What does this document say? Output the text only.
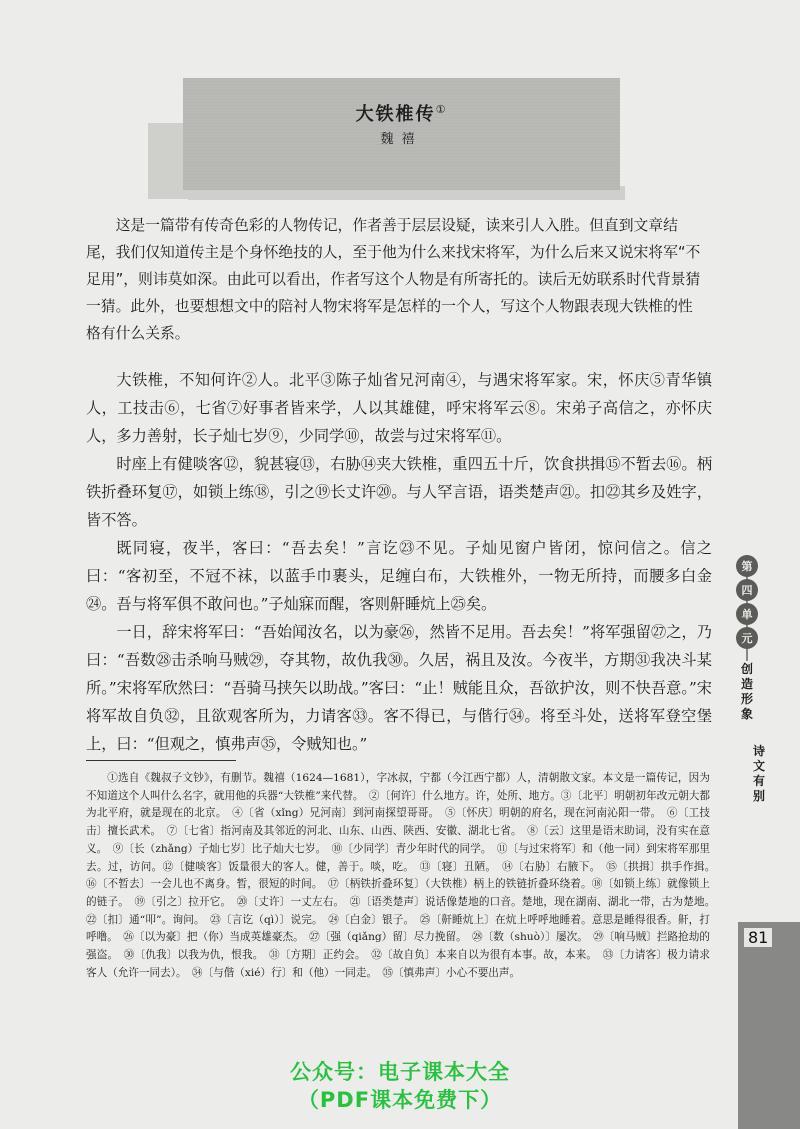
大铁椎传①
魏禧

这是一篇带有传奇色彩的人物传记，作者善于层层设疑，读来引人入胜。但直到文章结尾，我们仅知道传主是个身怀绝技的人，至于他为什么来找宋将军，为什么后来又说宋将军“不足用”，则讳莫如深。由此可以看出，作者写这个人物是有所寄托的。读后无妨联系时代背景猜一猜。此外，也要想想文中的陪衬人物宋将军是怎样的一个人，写这个人物跟表现大铁椎的性格有什么关系。

大铁椎，不知何许②人。北平③陈子灿省兄河南④，与遇宋将军家。宋，怀庆⑤青华镇人，工技击⑥，七省⑦好事者皆来学，人以其雄健，呼宋将军云⑧。宋弟子高信之，亦怀庆人，多力善射，长子灿七岁⑨，少同学⑩，故尝与过宋将军⑪。

时座上有健啖客⑫，貌甚寝⑬，右胁⑭夹大铁椎，重四五十斤，饮食拱揖⑮不暂去⑯。柄铁折叠环复⑰，如锁上练⑱，引之⑲长丈许⑳。与人罕言语，语类楚声㉑。扣㉒其乡及姓字，皆不答。

既同寝，夜半，客曰：“吾去矣！”言讫㉓不见。子灿见窗户皆闭，惊问信之。信之曰：“客初至，不冠不袜，以蓝手巾裹头，足缠白布，大铁椎外，一物无所持，而腰多白金㉔。吾与将军俱不敢问也。”子灿寐而醒，客则鼾睡炕上㉕矣。

一日，辞宋将军曰：“吾始闻汝名，以为豪㉖，然皆不足用。吾去矣！”将军强留㉗之，乃曰：“吾数㉘击杀响马贼㉙，夺其物，故仇我㉚。久居，祸且及汝。今夜半，方期㉛我决斗某所。”宋将军欣然曰：“吾骑马挟矢以助战。”客曰：“止！贼能且众，吾欲护汝，则不快吾意。”宋将军故自负㉜，且欲观客所为，力请客㉝。客不得已，与偕行㉞。将至斗处，送将军登空堡上，曰：“但观之，慎弗声㉟，令贼知也。”

①选自《魏叔子文钞》，有删节。魏禧（1624—1681），字冰叔，宁都（今江西宁都）人，清朝散文家。本文是一篇传记，因为不知道这个人叫什么名字，就用他的兵器“大铁椎”来代替。　②〔何许〕什么地方。许，处所、地方。③〔北平〕明朝初年改元朝大都为北平府，就是现在的北京。　④〔省（xǐng）兄河南〕到河南探望哥哥。　⑤〔怀庆〕明朝的府名，现在河南沁阳一带。　⑥〔工技击〕擅长武术。　⑦〔七省〕指河南及其邻近的河北、山东、山西、陕西、安徽、湖北七省。　⑧〔云〕这里是语末助词，没有实在意义。　⑨〔长（zhǎng）子灿七岁〕比子灿大七岁。　⑩〔少同学〕青少年时代的同学。　⑪〔与过宋将军〕和（他一同）到宋将军那里去。过，访问。⑫〔健啖客〕饭量很大的客人。健，善于。啖，吃。　⑬〔寝〕丑陋。　⑭〔右胁〕右腋下。　⑮〔拱揖〕拱手作揖。　⑯〔不暂去〕一会儿也不离身。暂，很短的时间。　⑰〔柄铁折叠环复〕（大铁椎）柄上的铁链折叠环绕着。⑱〔如锁上练〕就像锁上的链子。　⑲〔引之〕拉开它。　⑳〔丈许〕一丈左右。　㉑〔语类楚声〕说话像楚地的口音。楚地，现在湖南、湖北一带，古为楚地。　㉒〔扣〕通“叩”。询问。　㉓〔言讫（qì）〕说完。　㉔〔白金〕银子。　㉕〔鼾睡炕上〕在炕上呼呼地睡着。意思是睡得很香。鼾，打呼噜。　㉖〔以为豪〕把（你）当成英雄豪杰。　㉗〔强（qiǎng）留〕尽力挽留。　㉘〔数（shuò）〕屡次。　㉙〔响马贼〕拦路抢劫的强盗。　㉚〔仇我〕以我为仇，恨我。　㉛〔方期〕正约会。　㉜〔故自负〕本来自以为很有本事。故，本来。　㉝〔力请客〕极力请求客人（允许一同去）。　㉞〔与偕（xié）行〕和（他）一同走。　㉟〔慎弗声〕小心不要出声。

第
四
单
元
创造形象
诗文有别
81
公众号：电子课本大全
（PDF课本免费下）
